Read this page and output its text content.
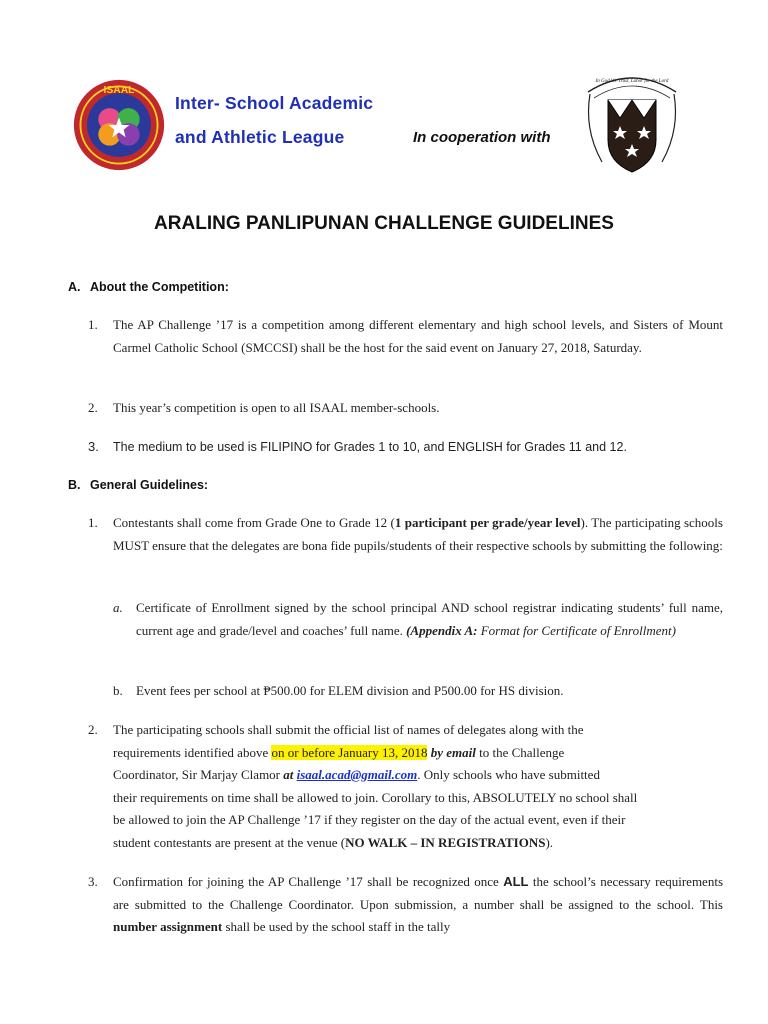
ISAAL
Inter- School Academic
and Athletic League	In cooperation with
In God We Trust, Labor for the Lord
ARALING PANLIPUNAN CHALLENGE GUIDELINES
A. About the Competition:
1. The AP Challenge ’17 is a competition among different elementary and high school levels, and Sisters of Mount Carmel Catholic School (SMCCSI) shall be the host for the said event on January 27, 2018, Saturday.
2. This year’s competition is open to all ISAAL member-schools.
3. The medium to be used is FILIPINO for Grades 1 to 10, and ENGLISH for Grades 11 and 12.
B. General Guidelines:
1. Contestants shall come from Grade One to Grade 12 (1 participant per grade/year level). The participating schools MUST ensure that the delegates are bona fide pupils/students of their respective schools by submitting the following:
a. Certificate of Enrollment signed by the school principal AND school registrar indicating students’ full name, current age and grade/level and coaches’ full name. (Appendix A: Format for Certificate of Enrollment)
b. Event fees per school at ₱500.00 for ELEM division and P500.00 for HS division.
2. The participating schools shall submit the official list of names of delegates along with the
requirements identified above on or before January 13, 2018 by email to the Challenge
Coordinator, Sir Marjay Clamor at isaal.acad@gmail.com. Only schools who have submitted
their requirements on time shall be allowed to join. Corollary to this, ABSOLUTELY no school shall
be allowed to join the AP Challenge ’17 if they register on the day of the actual event, even if their
student contestants are present at the venue (NO WALK – IN REGISTRATIONS).
3. Confirmation for joining the AP Challenge ’17 shall be recognized once ALL the school’s necessary requirements are submitted to the Challenge Coordinator. Upon submission, a number shall be assigned to the school. This number assignment shall be used by the school staff in the tally
